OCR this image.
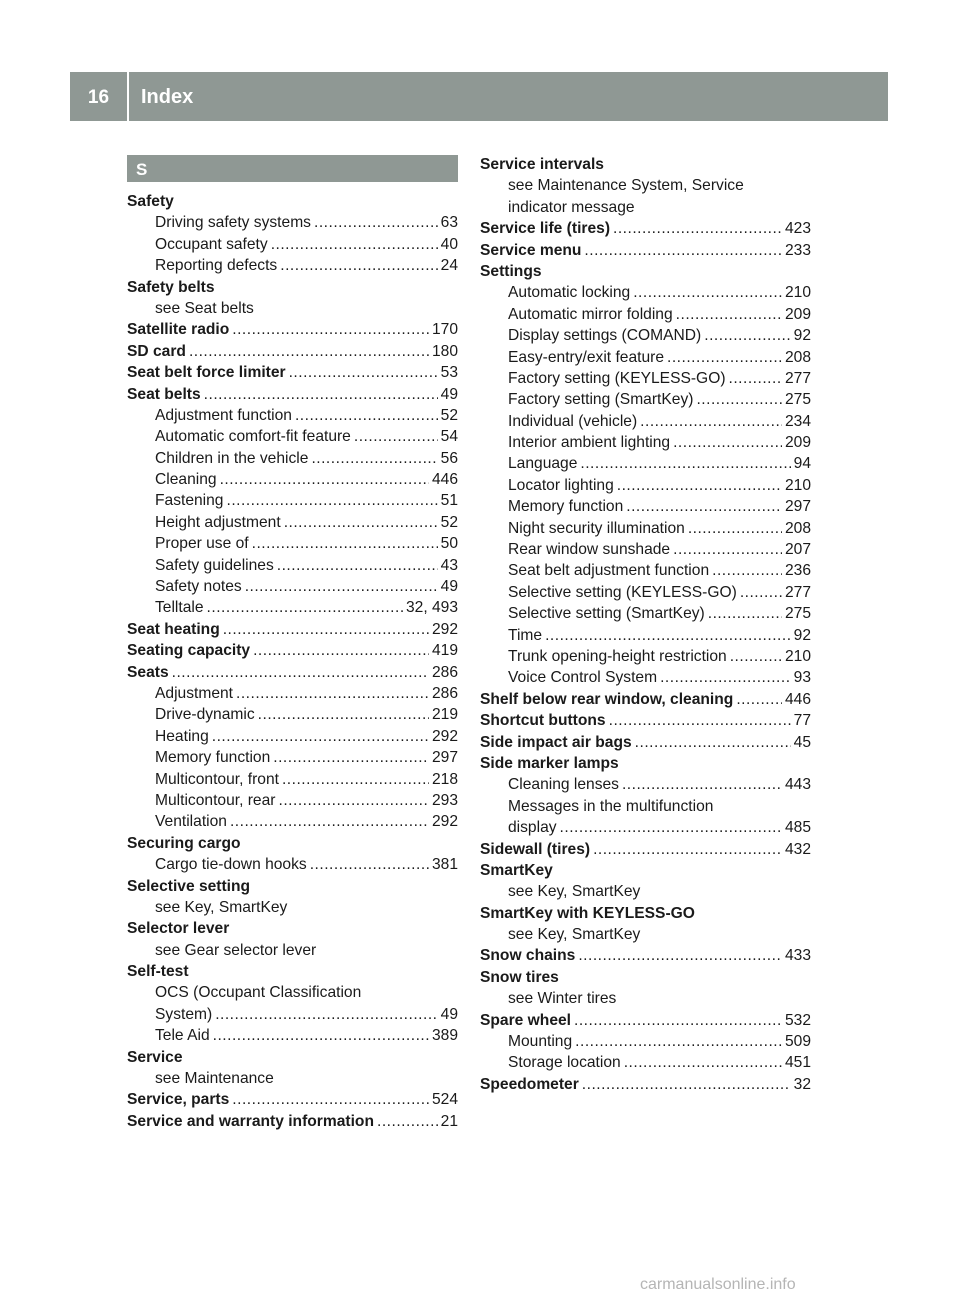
16	Index
S
Safety
Driving safety systems .....	63
Occupant safety .....	40
Reporting defects .....	24
Safety belts
see Seat belts
Satellite radio .....	170
SD card .....	180
Seat belt force limiter .....	53
Seat belts .....	49
Adjustment function .....	52
Automatic comfort-fit feature .....	54
Children in the vehicle .....	56
Cleaning .....	446
Fastening .....	51
Height adjustment .....	52
Proper use of .....	50
Safety guidelines .....	43
Safety notes .....	49
Telltale .....	32, 493
Seat heating .....	292
Seating capacity .....	419
Seats .....	286
Adjustment .....	286
Drive-dynamic .....	219
Heating .....	292
Memory function .....	297
Multicontour, front .....	218
Multicontour, rear .....	293
Ventilation .....	292
Securing cargo
Cargo tie-down hooks .....	381
Selective setting
see Key, SmartKey
Selector lever
see Gear selector lever
Self-test
OCS (Occupant Classification
System) .....	49
Tele Aid .....	389
Service
see Maintenance
Service, parts .....	524
Service and warranty information .....	21
Service intervals
see Maintenance System, Service
indicator message
Service life (tires) .....	423
Service menu .....	233
Settings
Automatic locking .....	210
Automatic mirror folding .....	209
Display settings (COMAND) .....	92
Easy-entry/exit feature .....	208
Factory setting (KEYLESS-GO) .....	277
Factory setting (SmartKey) .....	275
Individual (vehicle) .....	234
Interior ambient lighting .....	209
Language .....	94
Locator lighting .....	210
Memory function .....	297
Night security illumination .....	208
Rear window sunshade .....	207
Seat belt adjustment function .....	236
Selective setting (KEYLESS-GO) .....	277
Selective setting (SmartKey) .....	275
Time .....	92
Trunk opening-height restriction .....	210
Voice Control System .....	93
Shelf below rear window, cleaning .....	446
Shortcut buttons .....	77
Side impact air bags .....	45
Side marker lamps
Cleaning lenses .....	443
Messages in the multifunction
display .....	485
Sidewall (tires) .....	432
SmartKey
see Key, SmartKey
SmartKey with KEYLESS-GO
see Key, SmartKey
Snow chains .....	433
Snow tires
see Winter tires
Spare wheel .....	532
Mounting .....	509
Storage location .....	451
Speedometer .....	32
carmanualsonline.info
